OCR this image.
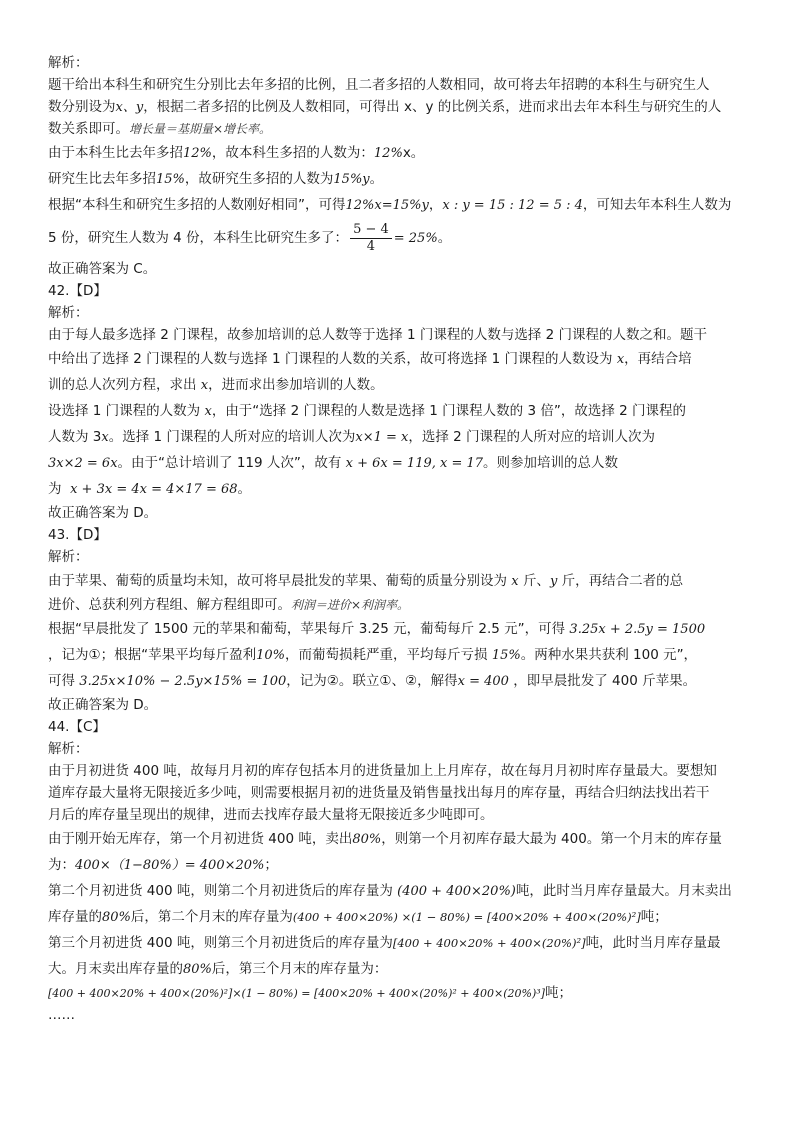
解析：
题干给出本科生和研究生分别比去年多招的比例，且二者多招的人数相同，故可将去年招聘的本科生与研究生人
数分别设为x、y，根据二者多招的比例及人数相同，可得出 x、y 的比例关系，进而求出去年本科生与研究生的人
数关系即可。增长量＝基期量×增长率。
由于本科生比去年多招12%，故本科生多招的人数为：12%x。
研究生比去年多招15%，故研究生多招的人数为15%y。
根据“本科生和研究生多招的人数刚好相同”，可得12%x=15%y，x : y = 15 : 12 = 5 : 4，可知去年本科生人数为
5 份，研究生人数为 4 份，本科生比研究生多了： $\frac{5 - 4}{4} = 25\%$。
故正确答案为 C。
42.【D】
解析：
由于每人最多选择 2 门课程，故参加培训的总人数等于选择 1 门课程的人数与选择 2 门课程的人数之和。题干
中给出了选择 2 门课程的人数与选择 1 门课程的人数的关系，故可将选择 1 门课程的人数设为 x，再结合培
训的总人次列方程，求出 x，进而求出参加培训的人数。
设选择 1 门课程的人数为 x，由于“选择 2 门课程的人数是选择 1 门课程人数的 3 倍”，故选择 2 门课程的
人数为 3x。选择 1 门课程的人所对应的培训人次为x×1 = x，选择 2 门课程的人所对应的培训人次为
3x×2 = 6x。由于“总计培训了 119 人次”，故有 x + 6x = 119, x = 17。则参加培训的总人数
为 x + 3x = 4x = 4×17 = 68。
故正确答案为 D。
43.【D】
解析：
由于苹果、葡萄的质量均未知，故可将早晨批发的苹果、葡萄的质量分别设为 x 斤、y 斤，再结合二者的总
进价、总获利列方程组、解方程组即可。利润＝进价×利润率。
根据“早晨批发了 1500 元的苹果和葡萄，苹果每斤 3.25 元，葡萄每斤 2.5 元”，可得 3.25x + 2.5y = 1500
，记为①；根据“苹果平均每斤盈利10%，而葡萄损耗严重，平均每斤亏损 15%。两种水果共获利 100 元”，
可得 3.25x×10% − 2.5y×15% = 100，记为②。联立①、②，解得x = 400 ，即早晨批发了 400 斤苹果。
故正确答案为 D。
44.【C】
解析：
由于月初进货 400 吨，故每月月初的库存包括本月的进货量加上上月库存，故在每月月初时库存量最大。要想知
道库存最大量将无限接近多少吨，则需要根据月初的进货量及销售量找出每月的库存量，再结合归纳法找出若干
月后的库存量呈现出的规律，进而去找库存最大量将无限接近多少吨即可。
由于刚开始无库存，第一个月初进货 400 吨，卖出80%，则第一个月初库存最大最为 400。第一个月末的库存量
为：400×（1−80%）= 400×20%；
第二个月初进货 400 吨，则第二个月初进货后的库存量为 (400 + 400×20%)吨，此时当月库存量最大。月末卖出
库存量的80%后，第二个月末的库存量为(400 + 400×20%) ×(1 − 80%) = [400×20% + 400×(20%)²]吨；
第三个月初进货 400 吨，则第三个月初进货后的库存量为[400 + 400×20% + 400×(20%)²]吨，此时当月库存量最
大。月末卖出库存量的80%后，第三个月末的库存量为：
[400 + 400×20% + 400×(20%)²]×(1 − 80%) = [400×20% + 400×(20%)² + 400×(20%)³]吨；
……
